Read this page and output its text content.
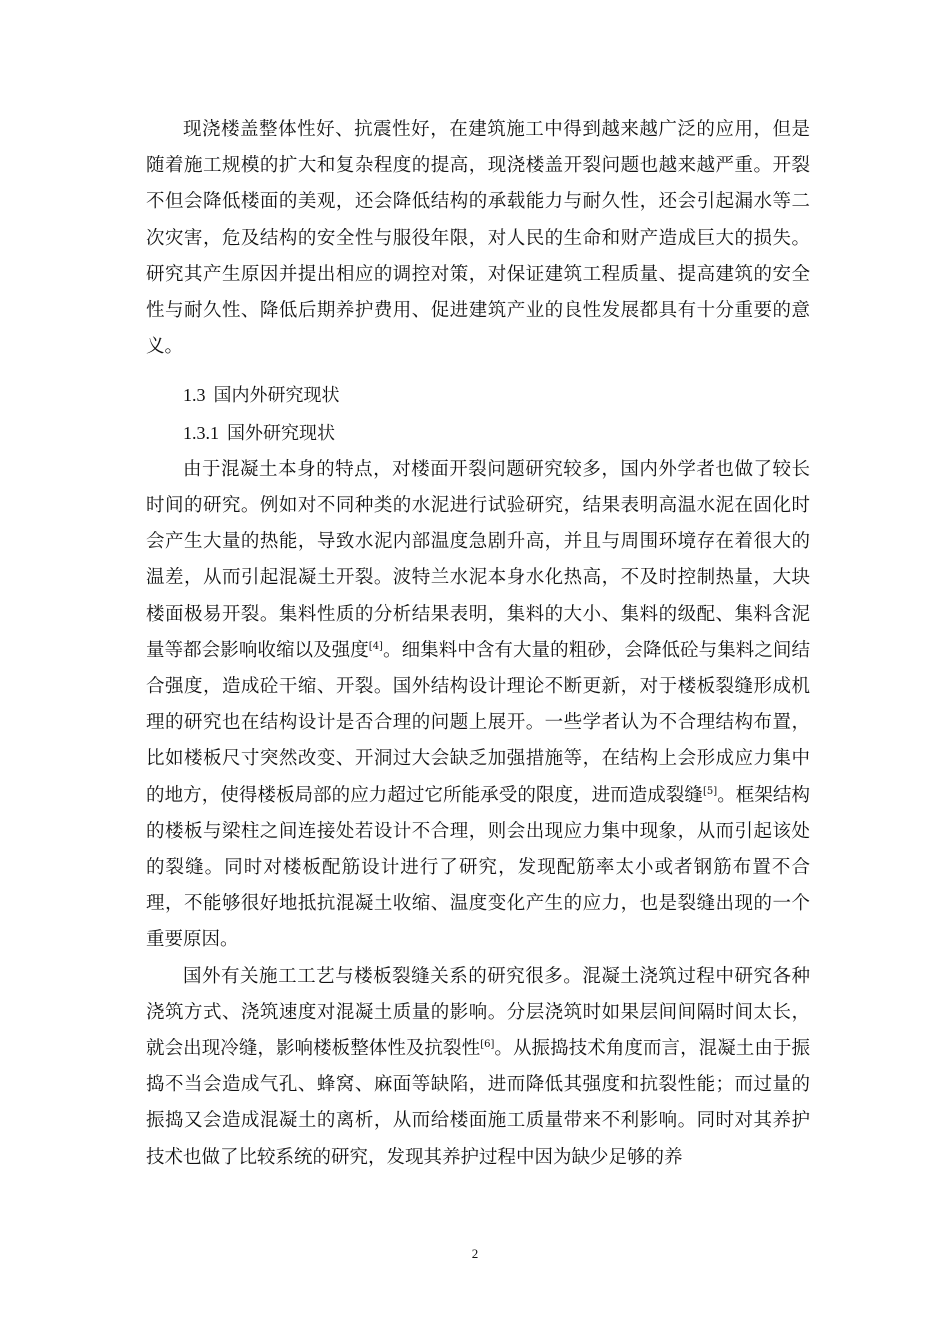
现浇楼盖整体性好、抗震性好，在建筑施工中得到越来越广泛的应用，但是随着施工规模的扩大和复杂程度的提高，现浇楼盖开裂问题也越来越严重。开裂不但会降低楼面的美观，还会降低结构的承载能力与耐久性，还会引起漏水等二次灾害，危及结构的安全性与服役年限，对人民的生命和财产造成巨大的损失。研究其产生原因并提出相应的调控对策，对保证建筑工程质量、提高建筑的安全性与耐久性、降低后期养护费用、促进建筑产业的良性发展都具有十分重要的意义。

1.3 国内外研究现状

1.3.1 国外研究现状

由于混凝土本身的特点，对楼面开裂问题研究较多，国内外学者也做了较长时间的研究。例如对不同种类的水泥进行试验研究，结果表明高温水泥在固化时会产生大量的热能，导致水泥内部温度急剧升高，并且与周围环境存在着很大的温差，从而引起混凝土开裂。波特兰水泥本身水化热高，不及时控制热量，大块楼面极易开裂。集料性质的分析结果表明，集料的大小、集料的级配、集料含泥量等都会影响收缩以及强度[4]。细集料中含有大量的粗砂，会降低砼与集料之间结合强度，造成砼干缩、开裂。国外结构设计理论不断更新，对于楼板裂缝形成机理的研究也在结构设计是否合理的问题上展开。一些学者认为不合理结构布置，比如楼板尺寸突然改变、开洞过大会缺乏加强措施等，在结构上会形成应力集中的地方，使得楼板局部的应力超过它所能承受的限度，进而造成裂缝[5]。框架结构的楼板与梁柱之间连接处若设计不合理，则会出现应力集中现象，从而引起该处的裂缝。同时对楼板配筋设计进行了研究，发现配筋率太小或者钢筋布置不合理，不能够很好地抵抗混凝土收缩、温度变化产生的应力，也是裂缝出现的一个重要原因。

国外有关施工工艺与楼板裂缝关系的研究很多。混凝土浇筑过程中研究各种浇筑方式、浇筑速度对混凝土质量的影响。分层浇筑时如果层间间隔时间太长，就会出现冷缝，影响楼板整体性及抗裂性[6]。从振捣技术角度而言，混凝土由于振捣不当会造成气孔、蜂窝、麻面等缺陷，进而降低其强度和抗裂性能；而过量的振捣又会造成混凝土的离析，从而给楼面施工质量带来不利影响。同时对其养护技术也做了比较系统的研究，发现其养护过程中因为缺少足够的养

2
